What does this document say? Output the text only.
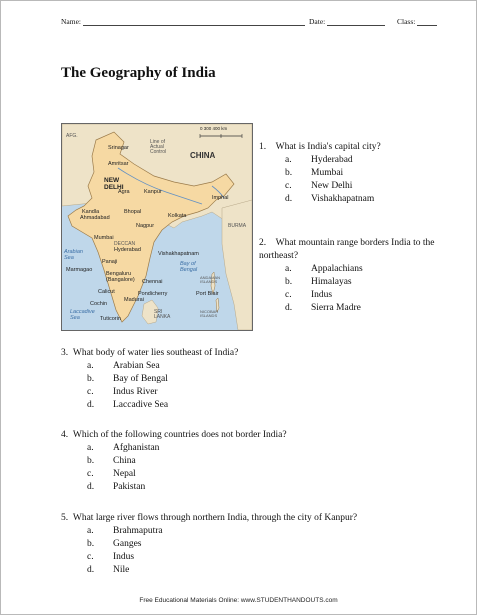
Name:	Date:	Class:
The Geography of India
0 300 400 km
CHINA
AFG.
Srinagar
Line of Actual Control
Amritsar
NEW DELHI
Agra	Kanpur
Kandla
Ahmadabad
Bhopal
Nagpur
Kolkata
Imphal
BURMA
Mumbai
DECCAN
Hyderabad
Vishakhapatnam
Arabian Sea
Bay of Bengal
Panaji
Marmagao
Bengaluru (Bangalore)	Chennai
Calicut	Pondicherry	Port Blair
Madurai
Cochin
Tuticorin
SRI LANKA
Laccadive Sea
ANDAMAN ISLANDS
NICOBAR ISLANDS

1. What is India's capital city?

a. Hyderabad
b. Mumbai
c. New Delhi
d. Vishakhapatnam

2. What mountain range borders India to the northeast?

a. Appalachians
b. Himalayas
c. Indus
d. Sierra Madre

3. What body of water lies southeast of India?

a. Arabian Sea
b. Bay of Bengal
c. Indus River
d. Laccadive Sea

4. Which of the following countries does not border India?

a. Afghanistan
b. China
c. Nepal
d. Pakistan

5. What large river flows through northern India, through the city of Kanpur?

a. Brahmaputra
b. Ganges
c. Indus
d. Nile
Free Educational Materials Online: www.STUDENTHANDOUTS.com
